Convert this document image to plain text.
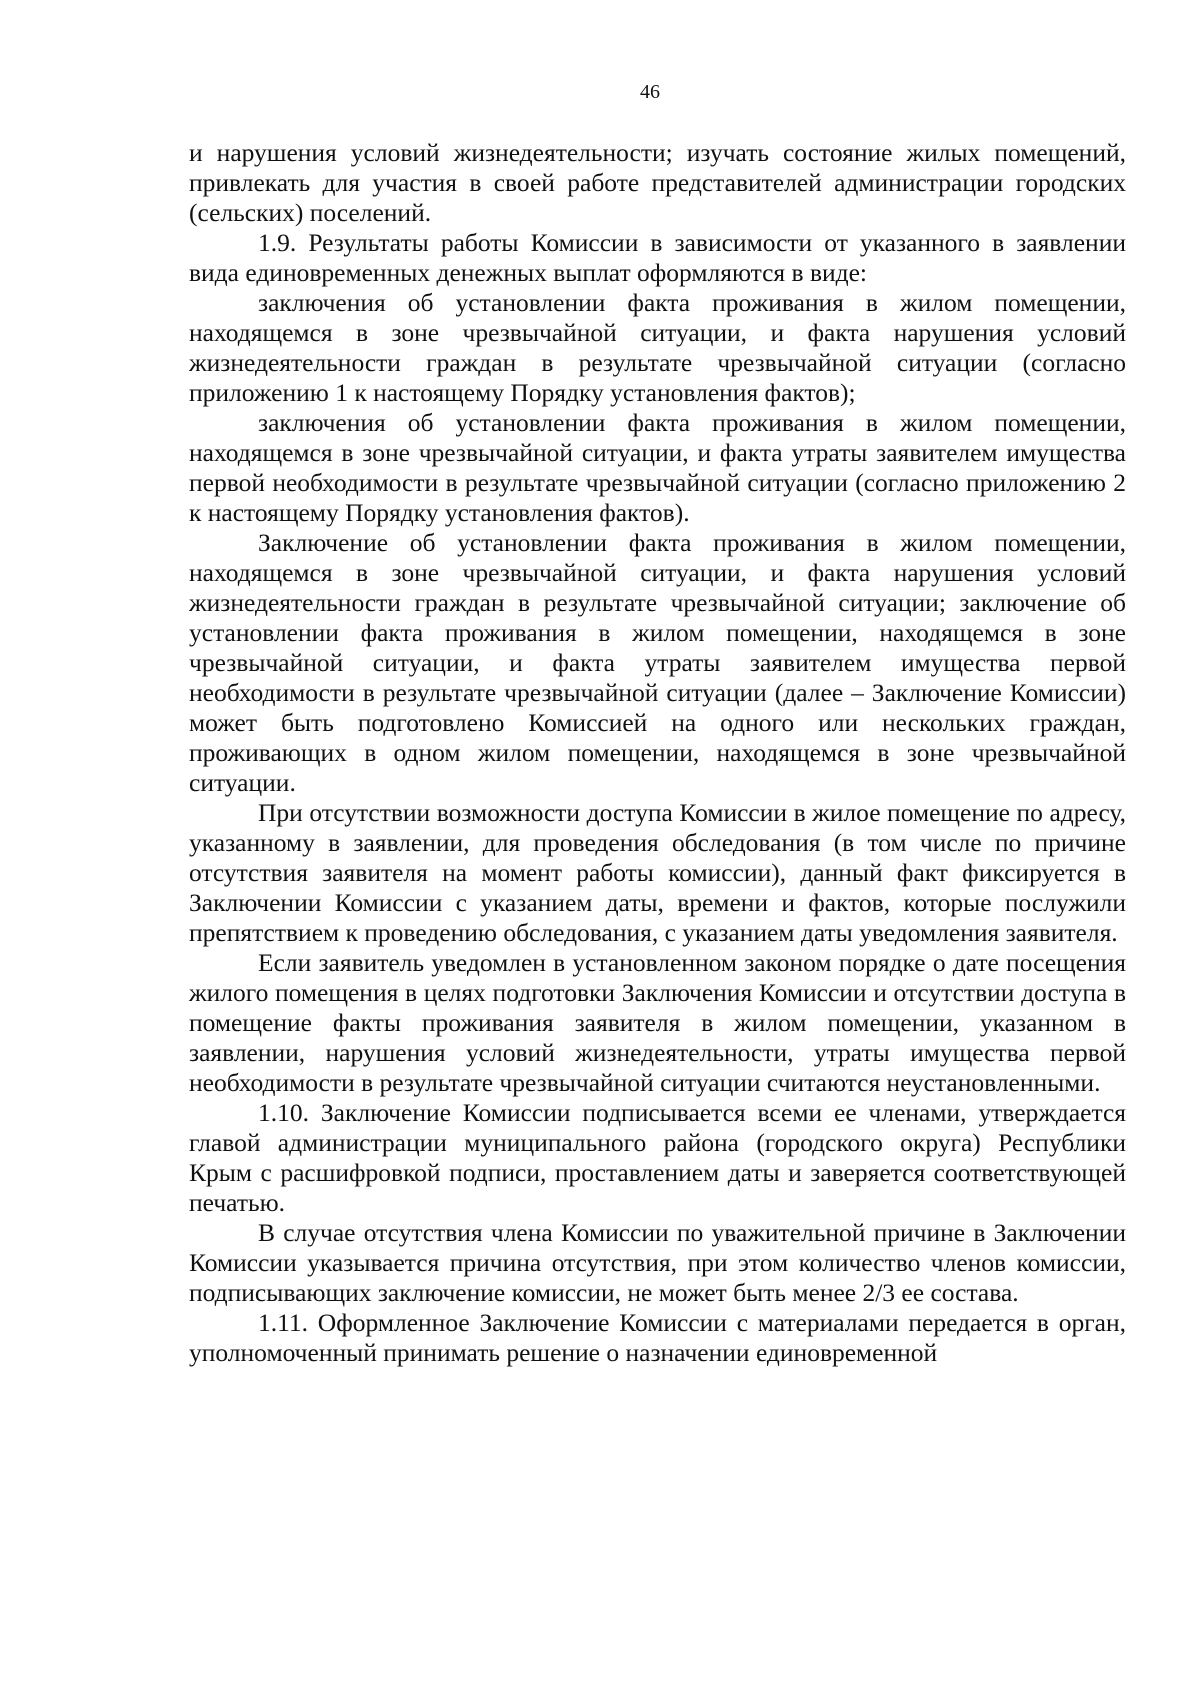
46

и нарушения условий жизнедеятельности; изучать состояние жилых помещений, привлекать для участия в своей работе представителей администрации городских (сельских) поселений.

1.9. Результаты работы Комиссии в зависимости от указанного в заявлении вида единовременных денежных выплат оформляются в виде:

заключения об установлении факта проживания в жилом помещении, находящемся в зоне чрезвычайной ситуации, и факта нарушения условий жизнедеятельности граждан в результате чрезвычайной ситуации (согласно приложению 1 к настоящему Порядку установления фактов);

заключения об установлении факта проживания в жилом помещении, находящемся в зоне чрезвычайной ситуации, и факта утраты заявителем имущества первой необходимости в результате чрезвычайной ситуации (согласно приложению 2 к настоящему Порядку установления фактов).

Заключение об установлении факта проживания в жилом помещении, находящемся в зоне чрезвычайной ситуации, и факта нарушения условий жизнедеятельности граждан в результате чрезвычайной ситуации; заключение об установлении факта проживания в жилом помещении, находящемся в зоне чрезвычайной ситуации, и факта утраты заявителем имущества первой необходимости в результате чрезвычайной ситуации (далее – Заключение Комиссии) может быть подготовлено Комиссией на одного или нескольких граждан, проживающих в одном жилом помещении, находящемся в зоне чрезвычайной ситуации.

При отсутствии возможности доступа Комиссии в жилое помещение по адресу, указанному в заявлении, для проведения обследования (в том числе по причине отсутствия заявителя на момент работы комиссии), данный факт фиксируется в Заключении Комиссии с указанием даты, времени и фактов, которые послужили препятствием к проведению обследования, с указанием даты уведомления заявителя.

Если заявитель уведомлен в установленном законом порядке о дате посещения жилого помещения в целях подготовки Заключения Комиссии и отсутствии доступа в помещение факты проживания заявителя в жилом помещении, указанном в заявлении, нарушения условий жизнедеятельности, утраты имущества первой необходимости в результате чрезвычайной ситуации считаются неустановленными.

1.10. Заключение Комиссии подписывается всеми ее членами, утверждается главой администрации муниципального района (городского округа) Республики Крым с расшифровкой подписи, проставлением даты и заверяется соответствующей печатью.

В случае отсутствия члена Комиссии по уважительной причине в Заключении Комиссии указывается причина отсутствия, при этом количество членов комиссии, подписывающих заключение комиссии, не может быть менее 2/3 ее состава.

1.11. Оформленное Заключение Комиссии с материалами передается в орган, уполномоченный принимать решение о назначении единовременной
